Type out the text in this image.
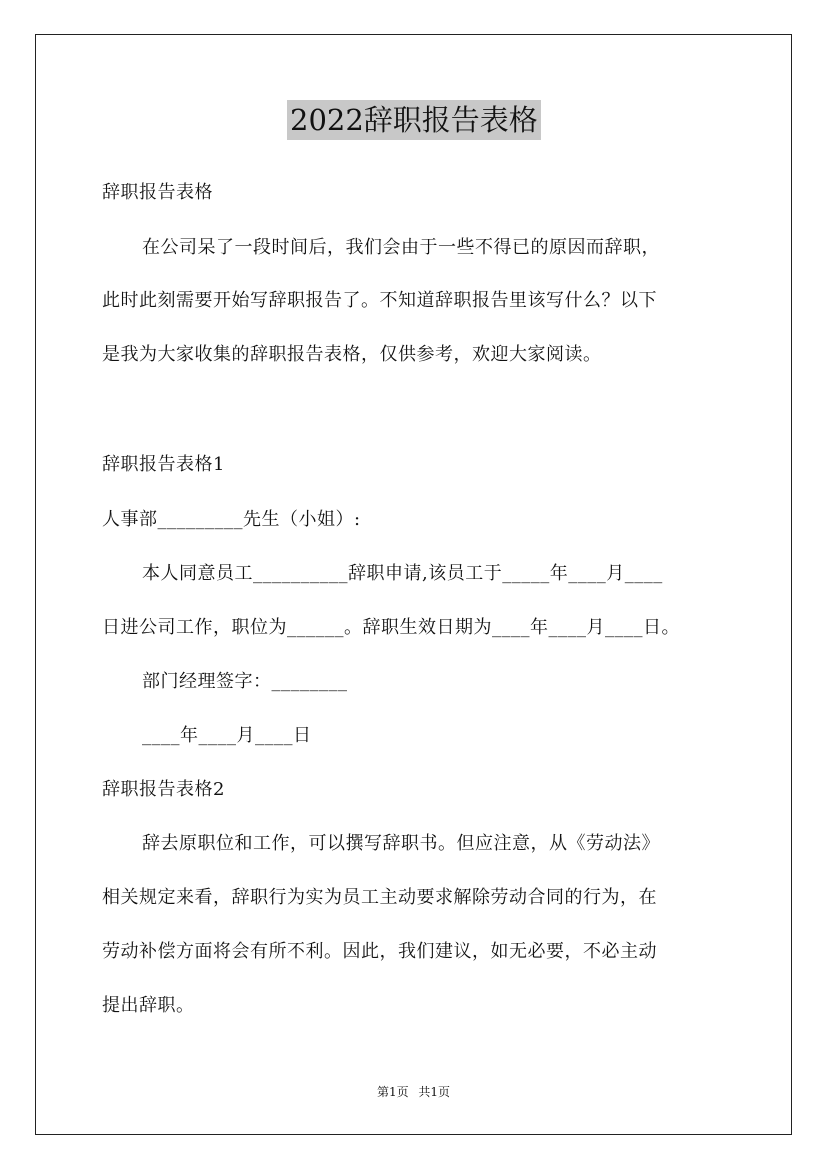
2022辞职报告表格
辞职报告表格
在公司呆了一段时间后，我们会由于一些不得已的原因而辞职，
此时此刻需要开始写辞职报告了。不知道辞职报告里该写什么？以下
是我为大家收集的辞职报告表格，仅供参考，欢迎大家阅读。
辞职报告表格1
人事部_________先生（小姐）:
本人同意员工__________辞职申请,该员工于_____年____月____
日进公司工作，职位为______。辞职生效日期为____年____月____日。
部门经理签字：________
____年____月____日
辞职报告表格2
辞去原职位和工作，可以撰写辞职书。但应注意，从《劳动法》
相关规定来看，辞职行为实为员工主动要求解除劳动合同的行为，在
劳动补偿方面将会有所不利。因此，我们建议，如无必要，不必主动
提出辞职。
第1页 共1页
